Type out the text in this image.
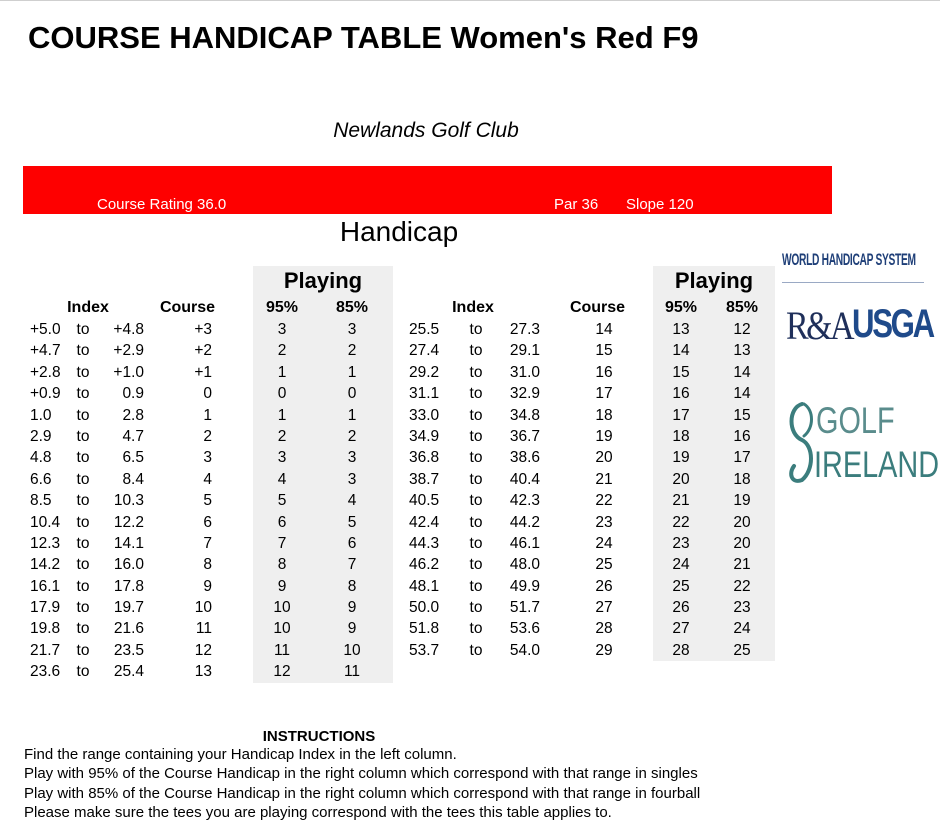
COURSE HANDICAP TABLE Women's Red F9
Newlands Golf Club
Course Rating 36.0	Par 36 Slope 120
Handicap
Playing	Playing
Index	Course	95% 85%	Index	Course	95% 85%
+5.0 to	+4.8	+3	3	3
+4.7 to	+2.9	+2	2	2
+2.8 to	+1.0	+1	1	1
+0.9 to	0.9	0	0	0
1.0	to	2.8	1	1	1
2.9	to	4.7	2	2	2
4.8	to	6.5	3	3	3
6.6	to	8.4	4	4	3
8.5	to	10.3	5	5	4
10.4 to	12.2	6	6	5
12.3 to	14.1	7	7	6
14.2 to	16.0	8	8	7
16.1 to	17.8	9	9	8
17.9 to	19.7	10	10	9
19.8 to	21.6	11	10	9
21.7 to	23.5	12	11	10
23.6 to	25.4	13	12	11
25.5	to	27.3	14	13	12
27.4	to	29.1	15	14	13
29.2	to	31.0	16	15	14
31.1	to	32.9	17	16	14
33.0	to	34.8	18	17	15
34.9	to	36.7	19	18	16
36.8	to	38.6	20	19	17
38.7	to	40.4	21	20	18
40.5	to	42.3	22	21	19
42.4	to	44.2	23	22	20
44.3	to	46.1	24	23	20
46.2	to	48.0	25	24	21
48.1	to	49.9	26	25	22
50.0	to	51.7	27	26	23
51.8	to	53.6	28	27	24
53.7	to	54.0	29	28	25
WORLD HANDICAP SYSTEM
R&A USGA
GOLF
IRELAND
INSTRUCTIONS
Find the range containing your Handicap Index in the left column.
Play with 95% of the Course Handicap in the right column which correspond with that range in singles
Play with 85% of the Course Handicap in the right column which correspond with that range in fourball
Please make sure the tees you are playing correspond with the tees this table applies to.
